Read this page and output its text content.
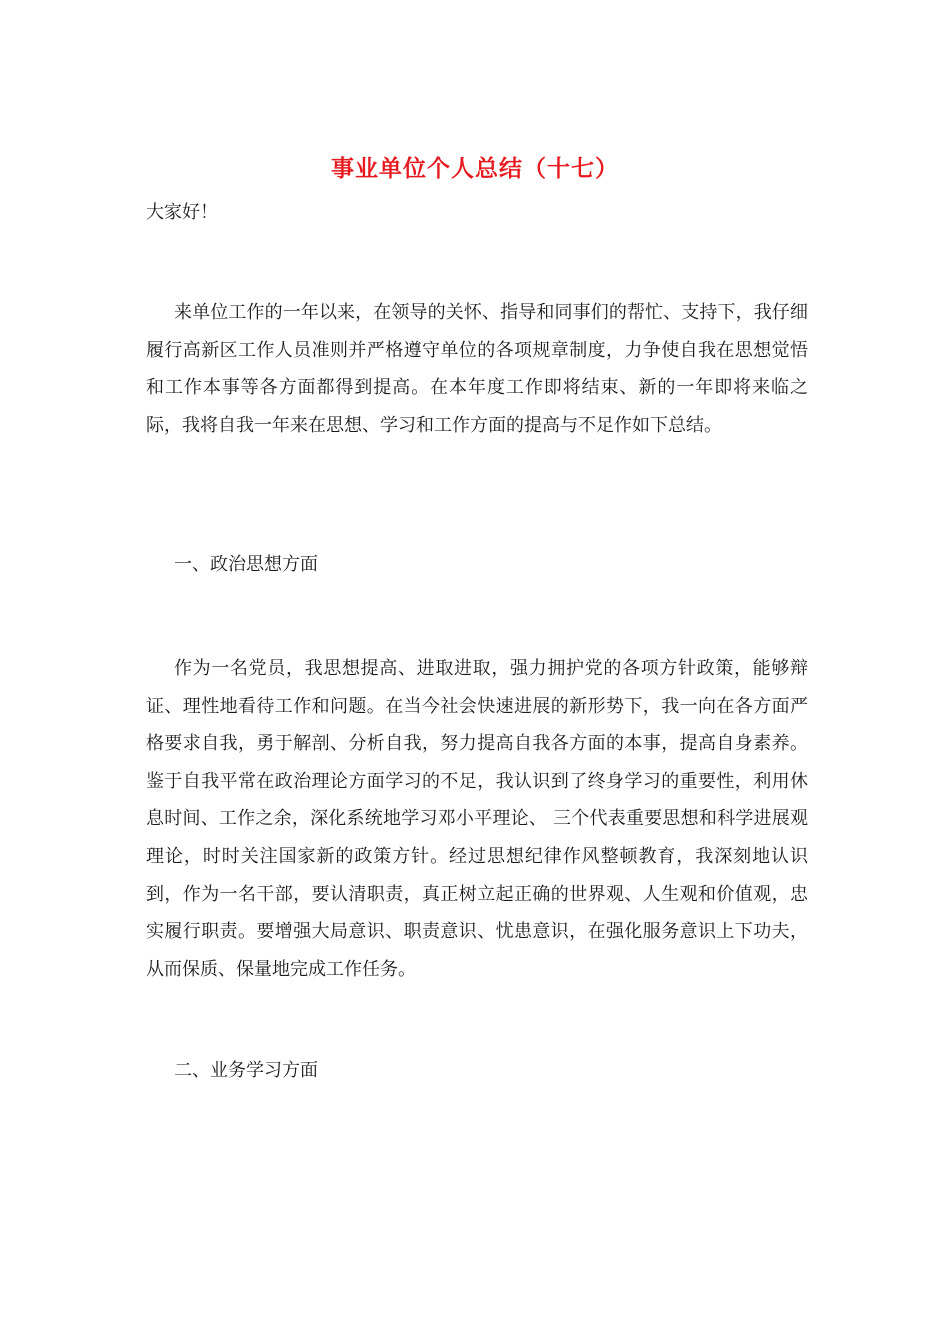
事业单位个人总结（十七）
大家好！

来单位工作的一年以来，在领导的关怀、指导和同事们的帮忙、支持下，我仔细履行高新区工作人员准则并严格遵守单位的各项规章制度，力争使自我在思想觉悟和工作本事等各方面都得到提高。在本年度工作即将结束、新的一年即将来临之际，我将自我一年来在思想、学习和工作方面的提高与不足作如下总结。

一、政治思想方面

作为一名党员，我思想提高、进取进取，强力拥护党的各项方针政策，能够辩证、理性地看待工作和问题。在当今社会快速进展的新形势下，我一向在各方面严格要求自我，勇于解剖、分析自我，努力提高自我各方面的本事，提高自身素养。鉴于自我平常在政治理论方面学习的不足，我认识到了终身学习的重要性，利用休息时间、工作之余，深化系统地学习邓小平理论、 三个代表重要思想和科学进展观理论，时时关注国家新的政策方针。经过思想纪律作风整顿教育，我深刻地认识到，作为一名干部，要认清职责，真正树立起正确的世界观、人生观和价值观，忠实履行职责。要增强大局意识、职责意识、忧患意识，在强化服务意识上下功夫，从而保质、保量地完成工作任务。

二、业务学习方面
